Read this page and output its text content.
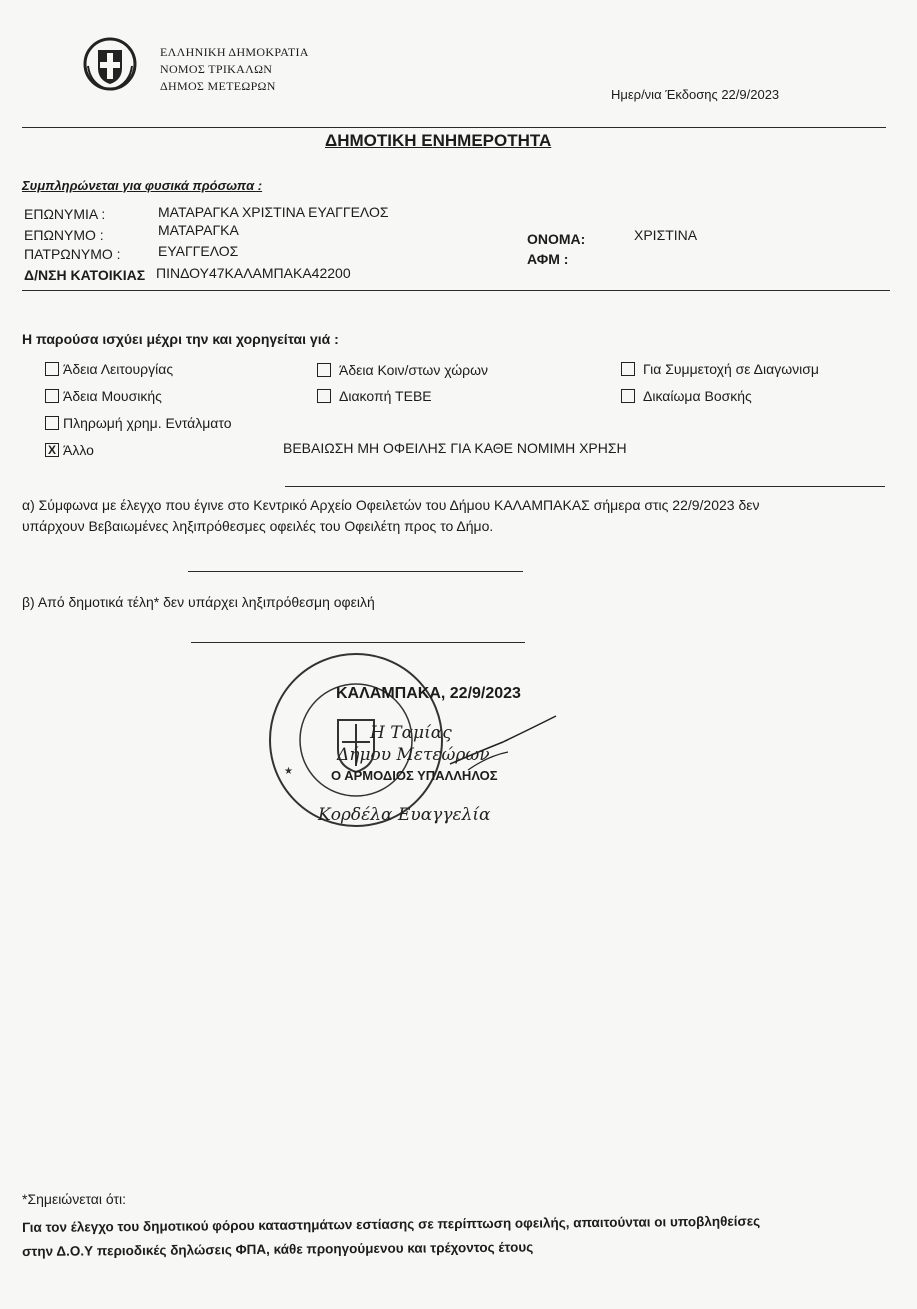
ΕΛΛΗΝΙΚΗ ΔΗΜΟΚΡΑΤΙΑ
ΝΟΜΟΣ ΤΡΙΚΑΛΩΝ
ΔΗΜΟΣ ΜΕΤΕΩΡΩΝ
Ημερ/νια Έκδοσης 22/9/2023
ΔΗΜΟΤΙΚΗ ΕΝΗΜΕΡΟΤΗΤΑ
Συμπληρώνεται για φυσικά πρόσωπα :
ΕΠΩΝΥΜΙΑ :	ΜΑΤΑΡΑΓΚΑ ΧΡΙΣΤΙΝΑ ΕΥΑΓΓΕΛΟΣ
ΕΠΩΝΥΜΟ :	ΜΑΤΑΡΑΓΚΑ
ΠΑΤΡΩΝΥΜΟ :	ΕΥΑΓΓΕΛΟΣ
Δ/ΝΣΗ ΚΑΤΟΙΚΙΑΣ ΠΙΝΔΟΥ47ΚΑΛΑΜΠΑΚΑ42200
ΟΝΟΜΑ:	ΧΡΙΣΤΙΝΑ
ΑΦΜ :
Η παρούσα ισχύει μέχρι την και χορηγείται γιά :
Άδεια Λειτουργίας
Άδεια Μουσικής
Πληρωμή χρημ. Εντάλματο
X Άλλο
Άδεια Κοιν/στων χώρων
Διακοπή ΤΕΒΕ
Για Συμμετοχή σε Διαγωνισμ
Δικαίωμα Βοσκής
ΒΕΒΑΙΩΣΗ ΜΗ ΟΦΕΙΛΗΣ ΓΙΑ ΚΑΘΕ ΝΟΜΙΜΗ ΧΡΗΣΗ
α) Σύμφωνα με έλεγχο που έγινε στο Κεντρικό Αρχείο Οφειλετών του Δήμου ΚΑΛΑΜΠΑΚΑΣ σήμερα στις 22/9/2023 δεν
υπάρχουν Βεβαιωμένες ληξιπρόθεσμες οφειλές του Οφειλέτη προς το Δήμο.
β) Από δημοτικά τέλη* δεν υπάρχει ληξιπρόθεσμη οφειλή
★
ΚΑΛΑΜΠΑΚΑ, 22/9/2023
Η Ταμίας
Δήμου Μετεώρων
Ο ΑΡΜΟΔΙΟΣ ΥΠΑΛΛΗΛΟΣ
Κορδέλα Ευαγγελία
*Σημειώνεται ότι:
Για τον έλεγχο του δημοτικού φόρου καταστημάτων εστίασης σε περίπτωση οφειλής, απαιτούνται οι υποβληθείσες
στην Δ.Ο.Υ περιοδικές δηλώσεις ΦΠΑ, κάθε προηγούμενου και τρέχοντος έτους
